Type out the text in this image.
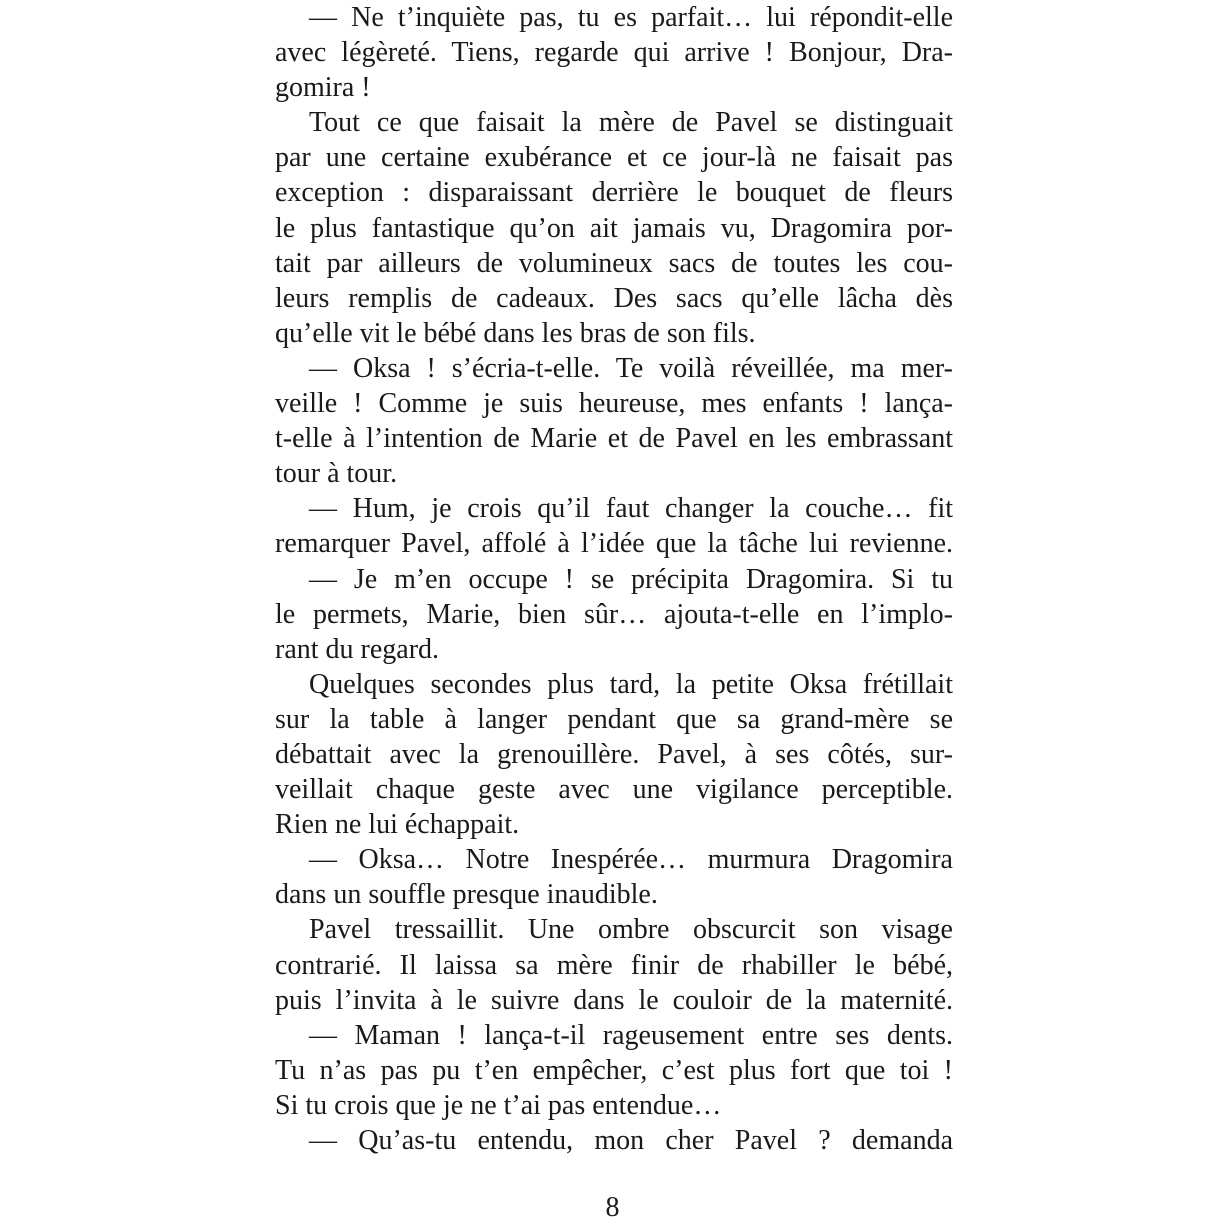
— Ne t’inquiète pas, tu es parfait… lui répondit-elle
avec légèreté. Tiens, regarde qui arrive ! Bonjour, Dra-
gomira !
Tout ce que faisait la mère de Pavel se distinguait
par une certaine exubérance et ce jour-là ne faisait pas
exception : disparaissant derrière le bouquet de fleurs
le plus fantastique qu’on ait jamais vu, Dragomira por-
tait par ailleurs de volumineux sacs de toutes les cou-
leurs remplis de cadeaux. Des sacs qu’elle lâcha dès
qu’elle vit le bébé dans les bras de son fils.
— Oksa ! s’écria-t-elle. Te voilà réveillée, ma mer-
veille ! Comme je suis heureuse, mes enfants ! lança-
t-elle à l’intention de Marie et de Pavel en les embrassant
tour à tour.
— Hum, je crois qu’il faut changer la couche… fit
remarquer Pavel, affolé à l’idée que la tâche lui revienne.
— Je m’en occupe ! se précipita Dragomira. Si tu
le permets, Marie, bien sûr… ajouta-t-elle en l’implo-
rant du regard.
Quelques secondes plus tard, la petite Oksa frétillait
sur la table à langer pendant que sa grand-mère se
débattait avec la grenouillère. Pavel, à ses côtés, sur-
veillait chaque geste avec une vigilance perceptible.
Rien ne lui échappait.
— Oksa… Notre Inespérée… murmura Dragomira
dans un souffle presque inaudible.
Pavel tressaillit. Une ombre obscurcit son visage
contrarié. Il laissa sa mère finir de rhabiller le bébé,
puis l’invita à le suivre dans le couloir de la maternité.
— Maman ! lança-t-il rageusement entre ses dents.
Tu n’as pas pu t’en empêcher, c’est plus fort que toi !
Si tu crois que je ne t’ai pas entendue…
— Qu’as-tu entendu, mon cher Pavel ? demanda
8
